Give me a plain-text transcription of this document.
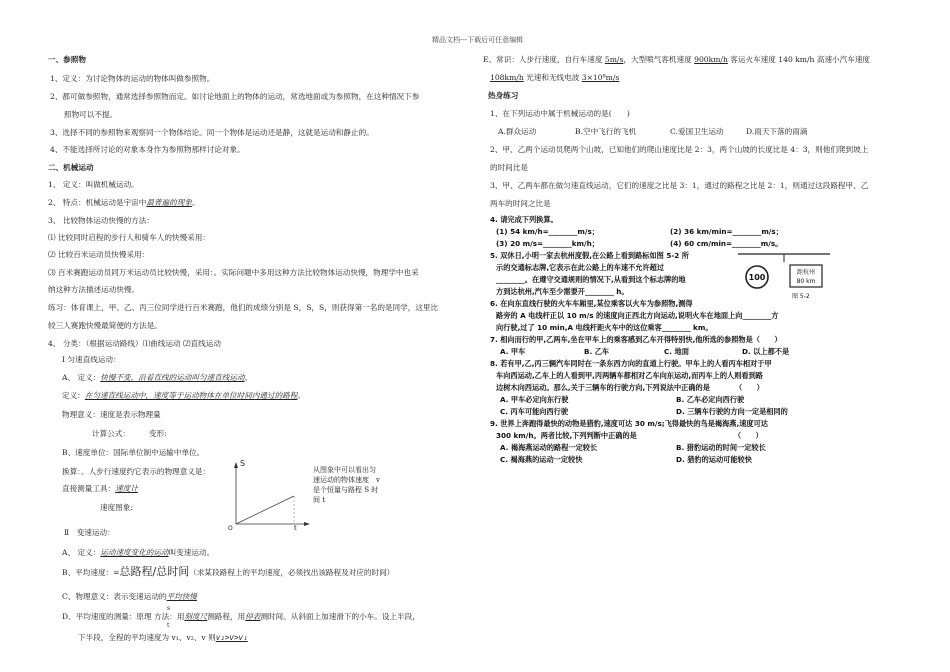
精品文档---下载后可任意编辑
一、参照物
1、定义：为讨论物体的运动的物体叫做参照物。
2、都可做参照物，通常选择参照物而定。如讨论地面上的物体的运动，常选地面或为参照物，在这种情况下参
照物可以不提。
3、选择不同的参照物来观察同一个物体结论。同一个物体是运动还是静，这就是运动和静止的。
4、不能选择所讨论的对象本身作为参照物那样讨论对象。
二、机械运动
1、 定义：叫做机械运动。
2、 特点：机械运动是宇宙中最普遍的现象。
3、 比较物体运动快慢的方法：
⑴ 比较同时启程的步行人和骑车人的快慢采用：
⑵ 比较百米运动员快慢采用：
⑶ 百米赛跑运动员同万米运动员比较快慢，采用：。实际问题中多用这种方法比较物体运动快慢，物理学中也采
纳这种方法描述运动快慢。
练习：体育课上，甲、乙、丙三位同学进行百米赛跑，他们的成绩分别是 S，S，S，则获得第一名的是同学，这里比
较三人赛跑快慢最简便的方法是。
4、 分类：（根据运动路线）⑴曲线运动 ⑵直线运动
Ⅰ 匀速直线运动：
A、 定义：快慢不变，沿着直线的运动叫匀速直线运动。
定义：在匀速直线运动中，速度等于运动物体在单位时间内通过的路程。
物理意义：速度是表示物理量
计算公式：　　　变形:
B、速度单位：国际单位制中运输中单位。
换算：。人步行速度约它表示的物理意义是：
直接测量工具：速度计
速度图象:
S
t
O
从图象中可以看出匀
速运动的物体速度　v
是个恒量与路程 S 时
间 t
Ⅱ　变速运动：
A、 定义：运动速度变化的运动叫变速运动。
B、平均速度：=总路程/总时间（求某段路程上的平均速度，必须找出该路程及对应的时间）
C、物理意义：表示变速运动的平均快慢
s
D、平均速度的测量：原理 方法：用刻度尺测路程，用停表测时间。从斜面上加速滑下的小车。设上半段，
t
下半段，全程的平均速度为 v₁、v₂、v 则v₂>v>v₁
E、常识：人步行速度，自行车速度 5m/s，大型喷气客机速度 900km/h 客运火车速度 140 km/h 高速小汽车速度
108km/h 光速和无线电波 3×10⁸m/s
热身练习
1、在下列运动中属于机械运动的是(　　)
A.群众运动	B.空中飞行的飞机	C.爱国卫生运动	D.雨天下落的雨滴
2、甲、乙两个运动员爬两个山坡，已知他们的爬山速度比是 2：3，两个山坡的长度比是 4：3，则他们爬到坡上
的时间比是
3、甲、乙两车都在做匀速直线运动，它们的速度之比是 3：1，通过的路程之比是 2：1，则通过这段路程甲、乙
两车的时间之比是
4. 请完成下列换算。
(1) 54 km/h=________m/s；	(2) 36 km/min=________m/s；
(3) 20 m/s=________km/h；	(4) 60 cm/min=________m/s。
5. 双休日,小明一家去杭州度假,在公路上看到路标如图 5-2 所
示的交通标志牌,它表示在此公路上的车速不允许超过
________。在遵守交通规则的情况下,从看到这个标志牌的地
方到达杭州,汽车至少需要开________ h。
100
距杭州
80 km
图 5-2
6. 在向东直线行驶的火车车厢里,某位乘客以火车为参照物,测得
路旁的 A 电线杆正以 10 m/s 的速度向正西北方向运动,说明火车在地面上向________方
向行驶,过了 10 min,A 电线杆距火车中的这位乘客________ km。
7. 相向而行的甲,乙两车,坐在甲车上的乘客感到乙车开得特别快,他所选的参照物是（　　）
A. 甲车	B. 乙车	C. 地面	D. 以上都不是
8. 若有甲,乙,丙三辆汽车同时在一条东西方向的直道上行驶。甲车上的人看丙车相对于甲
车向西运动,乙车上的人看到甲,丙两辆车都相对乙车向东运动,而丙车上的人则看到路
边树木向西运动。那么,关于三辆车的行驶方向,下列说法中正确的是　　　　（　　）
A. 甲车必定向东行驶	B. 乙车必定向西行驶
C. 丙车可能向西行驶	D. 三辆车行驶的方向一定是相同的
9. 世界上奔跑得最快的动物是猎豹,速度可达 30 m/s;飞得最快的鸟是褐海燕,速度可达
300 km/h。两者比较,下列判断中正确的是　　　　　　　　　　　　　　（　　）
A. 褐海燕运动的路程一定较长	B. 猎豹运动的时间一定较长
C. 褐海燕的运动一定较快	D. 猎豹的运动可能较快
